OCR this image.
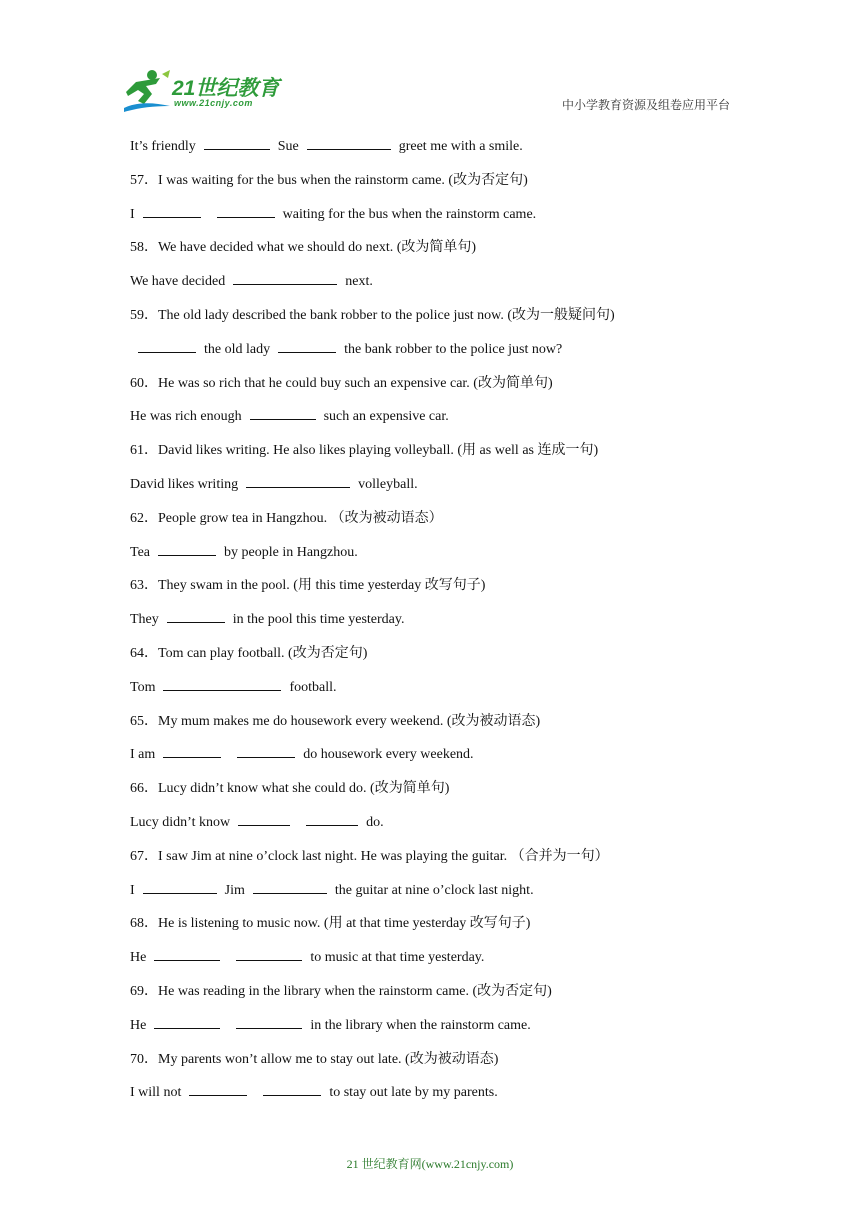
21世纪教育
www.21cnjy.com	中小学教育资源及组卷应用平台
It’s friendly	Sue	greet me with a smile.
57．I was waiting for the bus when the rainstorm came. (改为否定句)
I	waiting for the bus when the rainstorm came.
58．We have decided what we should do next. (改为简单句)
We have decided	next.
59．The old lady described the bank robber to the police just now. (改为一般疑问句)
the old lady	the bank robber to the police just now?
60．He was so rich that he could buy such an expensive car. (改为简单句)
He was rich enough	such an expensive car.
61．David likes writing. He also likes playing volleyball. (用 as well as 连成一句)
David likes writing	volleyball.
62．People grow tea in Hangzhou. （改为被动语态）
Tea	by people in Hangzhou.
63．They swam in the pool. (用 this time yesterday 改写句子)
They	in the pool this time yesterday.
64．Tom can play football. (改为否定句)
Tom	football.
65．My mum makes me do housework every weekend. (改为被动语态)
I am	do housework every weekend.
66．Lucy didn’t know what she could do. (改为简单句)
Lucy didn’t know	do.
67．I saw Jim at nine o’clock last night. He was playing the guitar. （合并为一句）
I	Jim	the guitar at nine o’clock last night.
68．He is listening to music now. (用 at that time yesterday 改写句子)
He	to music at that time yesterday.
69．He was reading in the library when the rainstorm came. (改为否定句)
He	in the library when the rainstorm came.
70．My parents won’t allow me to stay out late. (改为被动语态)
I will not	to stay out late by my parents.
21 世纪教育网(www.21cnjy.com)
